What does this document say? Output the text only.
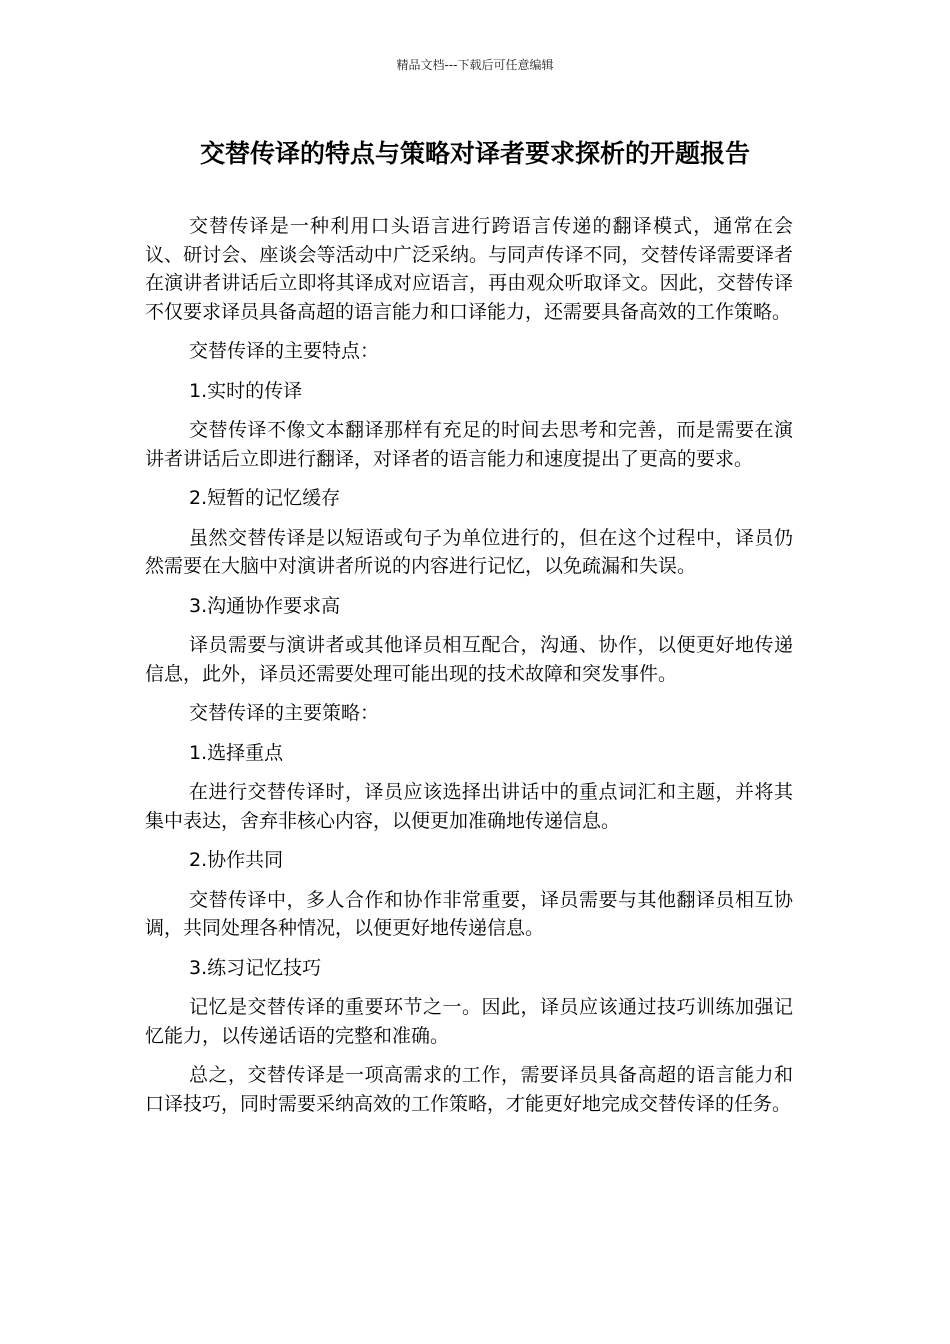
精品文档---下载后可任意编辑
交替传译的特点与策略对译者要求探析的开题报告

交替传译是一种利用口头语言进行跨语言传递的翻译模式，通常在会议、研讨会、座谈会等活动中广泛采纳。与同声传译不同，交替传译需要译者在演讲者讲话后立即将其译成对应语言，再由观众听取译文。因此，交替传译不仅要求译员具备高超的语言能力和口译能力，还需要具备高效的工作策略。

交替传译的主要特点：

1.实时的传译

交替传译不像文本翻译那样有充足的时间去思考和完善，而是需要在演讲者讲话后立即进行翻译，对译者的语言能力和速度提出了更高的要求。

2.短暂的记忆缓存

虽然交替传译是以短语或句子为单位进行的，但在这个过程中，译员仍然需要在大脑中对演讲者所说的内容进行记忆，以免疏漏和失误。

3.沟通协作要求高

译员需要与演讲者或其他译员相互配合，沟通、协作，以便更好地传递信息，此外，译员还需要处理可能出现的技术故障和突发事件。

交替传译的主要策略：

1.选择重点

在进行交替传译时，译员应该选择出讲话中的重点词汇和主题，并将其集中表达，舍弃非核心内容，以便更加准确地传递信息。

2.协作共同

交替传译中，多人合作和协作非常重要，译员需要与其他翻译员相互协调，共同处理各种情况，以便更好地传递信息。

3.练习记忆技巧

记忆是交替传译的重要环节之一。因此，译员应该通过技巧训练加强记忆能力，以传递话语的完整和准确。

总之，交替传译是一项高需求的工作，需要译员具备高超的语言能力和口译技巧，同时需要采纳高效的工作策略，才能更好地完成交替传译的任务。
